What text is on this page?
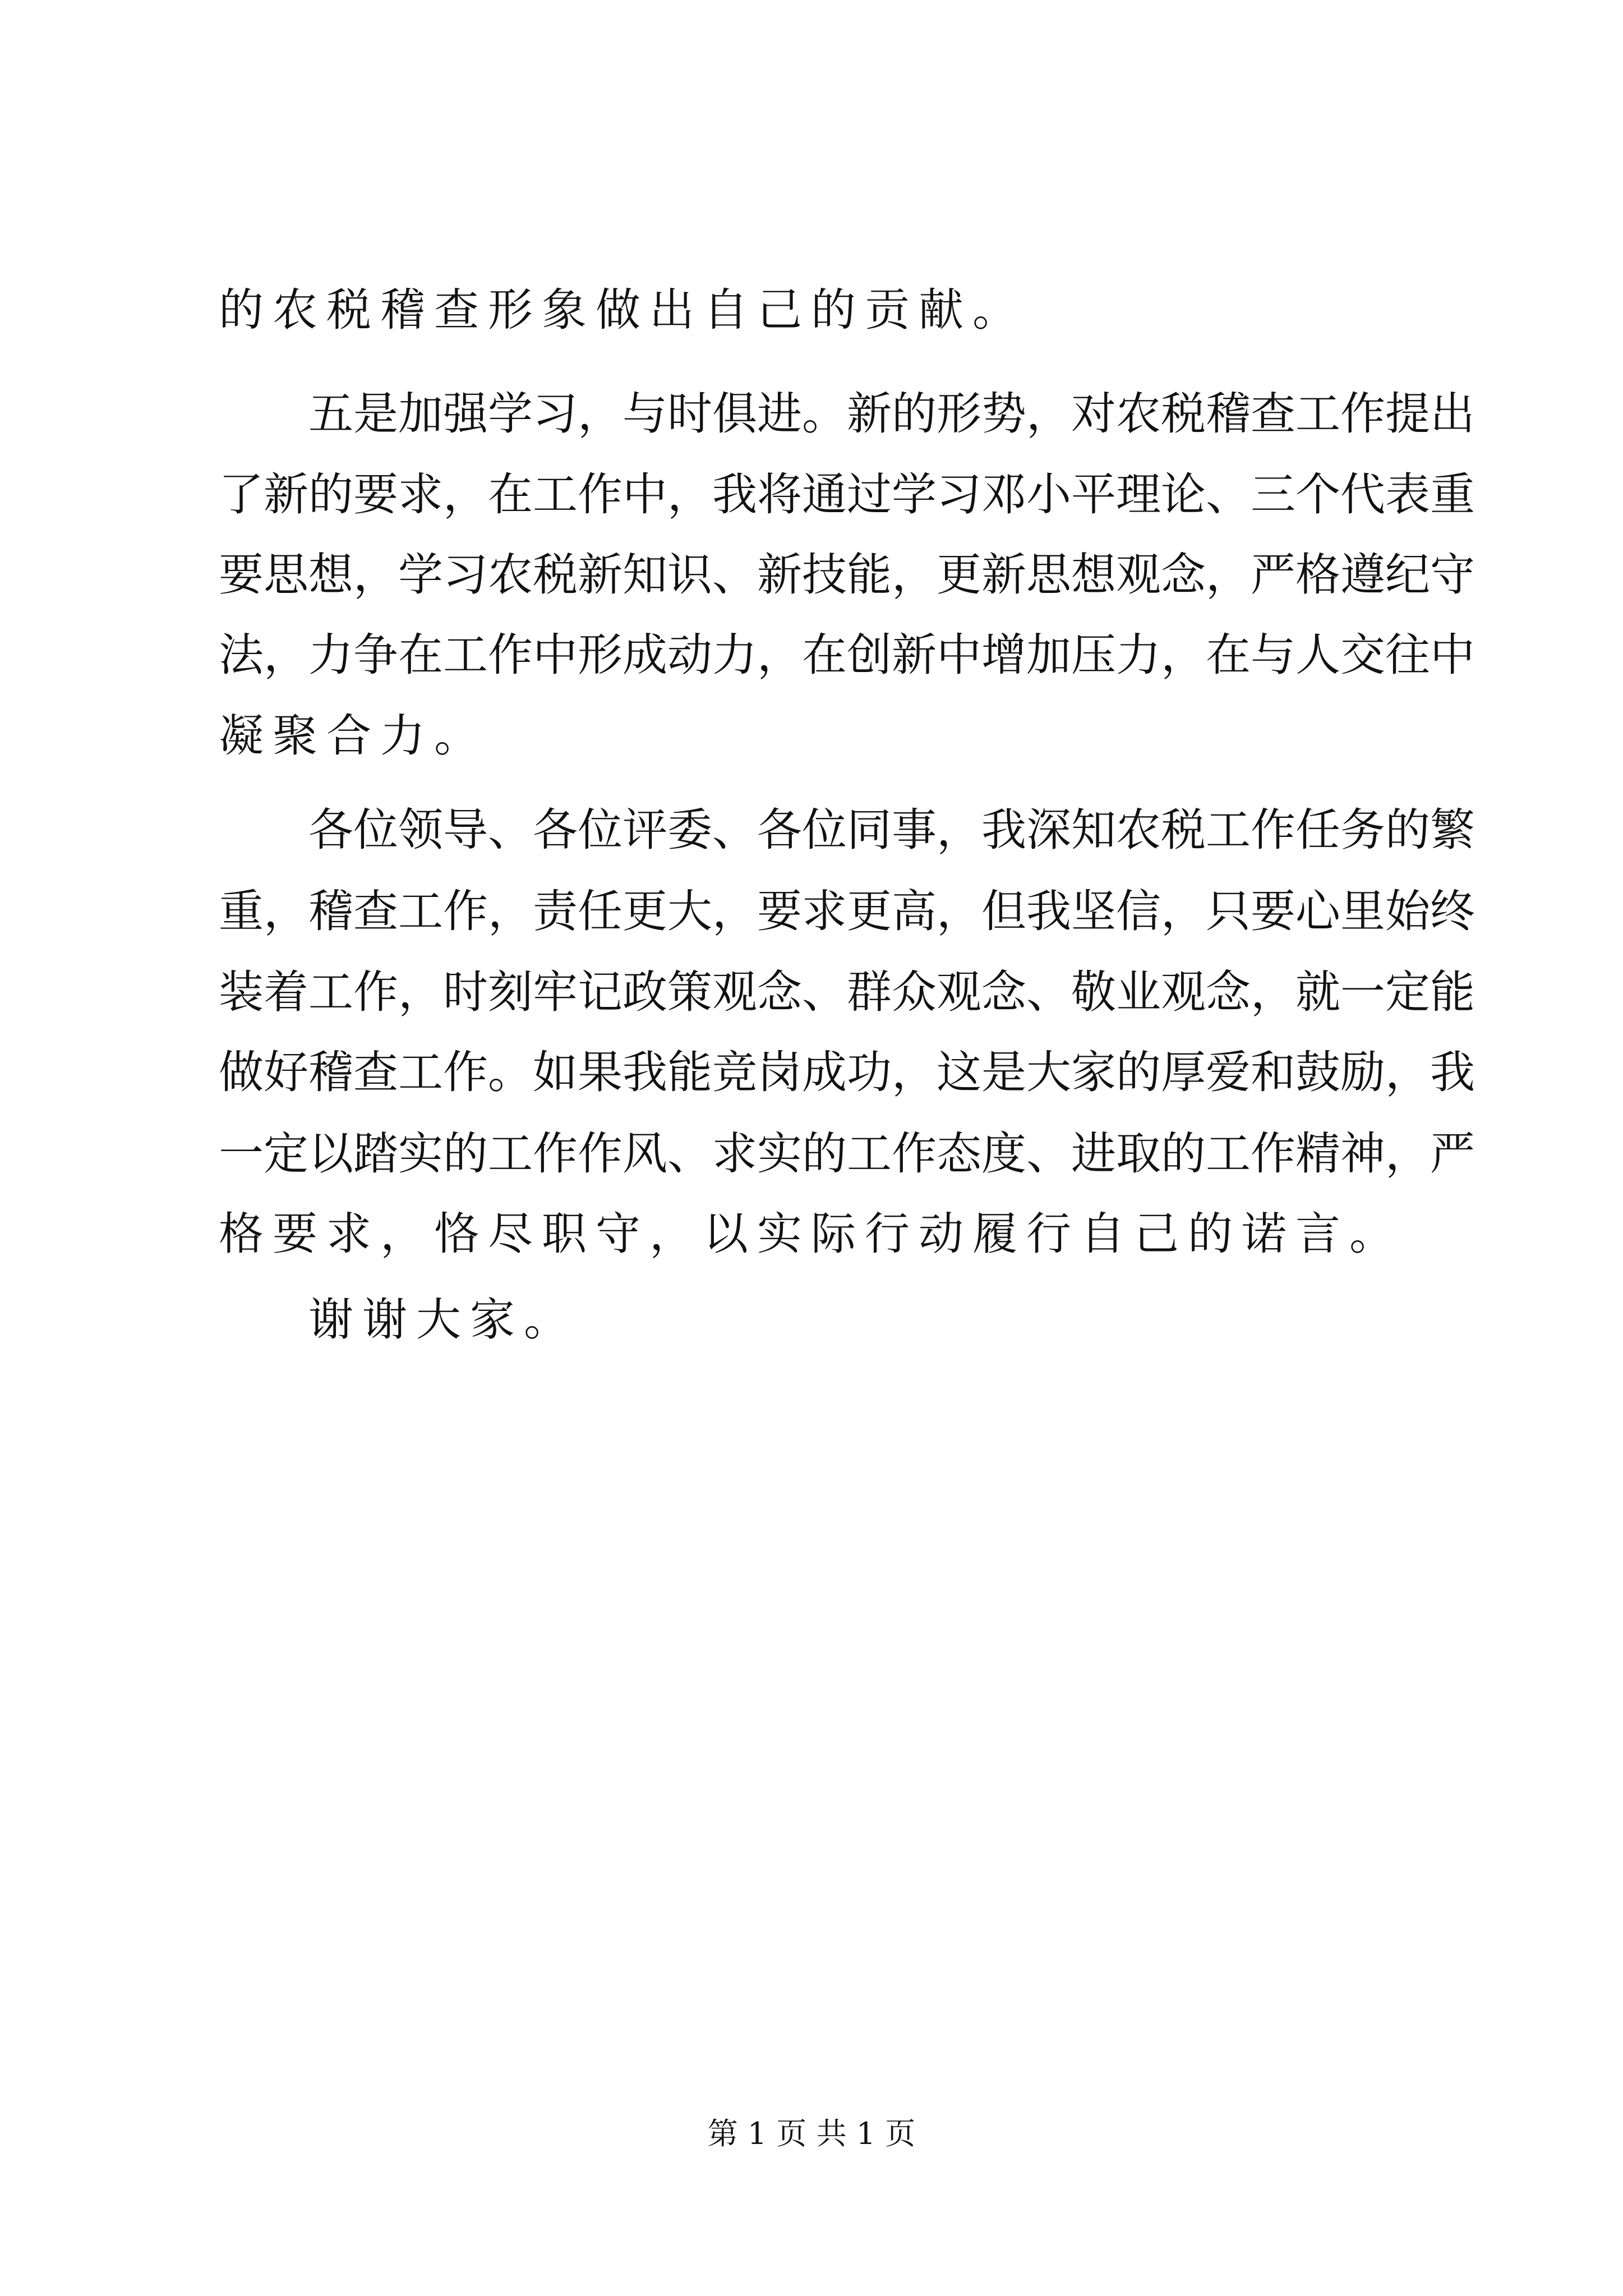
的农税稽查形象做出自己的贡献。
五是加强学习，与时俱进。新的形势，对农税稽查工作提出
了新的要求，在工作中，我将通过学习邓小平理论、三个代表重
要思想，学习农税新知识、新技能，更新思想观念，严格遵纪守
法，力争在工作中形成动力，在创新中增加压力，在与人交往中
凝聚合力。
各位领导、各位评委、各位同事，我深知农税工作任务的繁
重，稽查工作，责任更大，要求更高，但我坚信，只要心里始终
装着工作，时刻牢记政策观念、群众观念、敬业观念，就一定能
做好稽查工作。如果我能竞岗成功，这是大家的厚爱和鼓励，我
一定以踏实的工作作风、求实的工作态度、进取的工作精神，严
格要求，恪尽职守，以实际行动履行自己的诺言。
谢谢大家。
第 1 页 共 1 页
